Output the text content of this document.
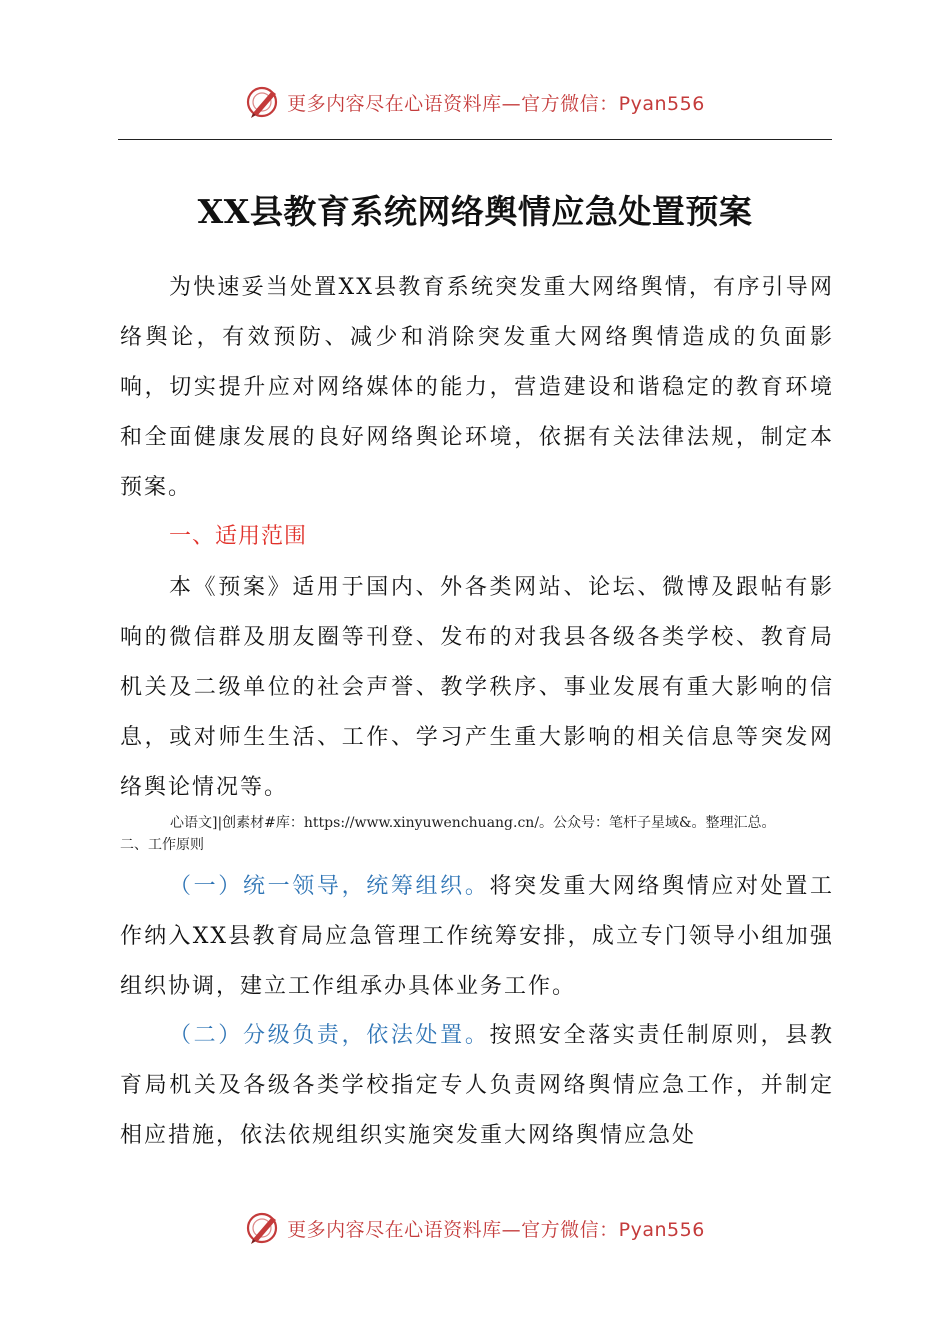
更多内容尽在心语资料库—官方微信：Pyan556
XX县教育系统网络舆情应急处置预案
为快速妥当处置XX县教育系统突发重大网络舆情，有序引导网络舆论，有效预防、减少和消除突发重大网络舆情造成的负面影响，切实提升应对网络媒体的能力，营造建设和谐稳定的教育环境和全面健康发展的良好网络舆论环境，依据有关法律法规，制定本预案。
一、适用范围
本《预案》适用于国内、外各类网站、论坛、微博及跟帖有影响的微信群及朋友圈等刊登、发布的对我县各级各类学校、教育局机关及二级单位的社会声誉、教学秩序、事业发展有重大影响的信息，或对师生生活、工作、学习产生重大影响的相关信息等突发网络舆论情况等。
心语文]|创素材#库：https://www.xinyuwenchuang.cn/。公众号：笔杆子星域&。整理汇总。
二、工作原则
（一）统一领导，统筹组织。将突发重大网络舆情应对处置工作纳入XX县教育局应急管理工作统筹安排，成立专门领导小组加强组织协调，建立工作组承办具体业务工作。
（二）分级负责，依法处置。按照安全落实责任制原则，县教育局机关及各级各类学校指定专人负责网络舆情应急工作，并制定相应措施，依法依规组织实施突发重大网络舆情应急处
更多内容尽在心语资料库—官方微信：Pyan556
